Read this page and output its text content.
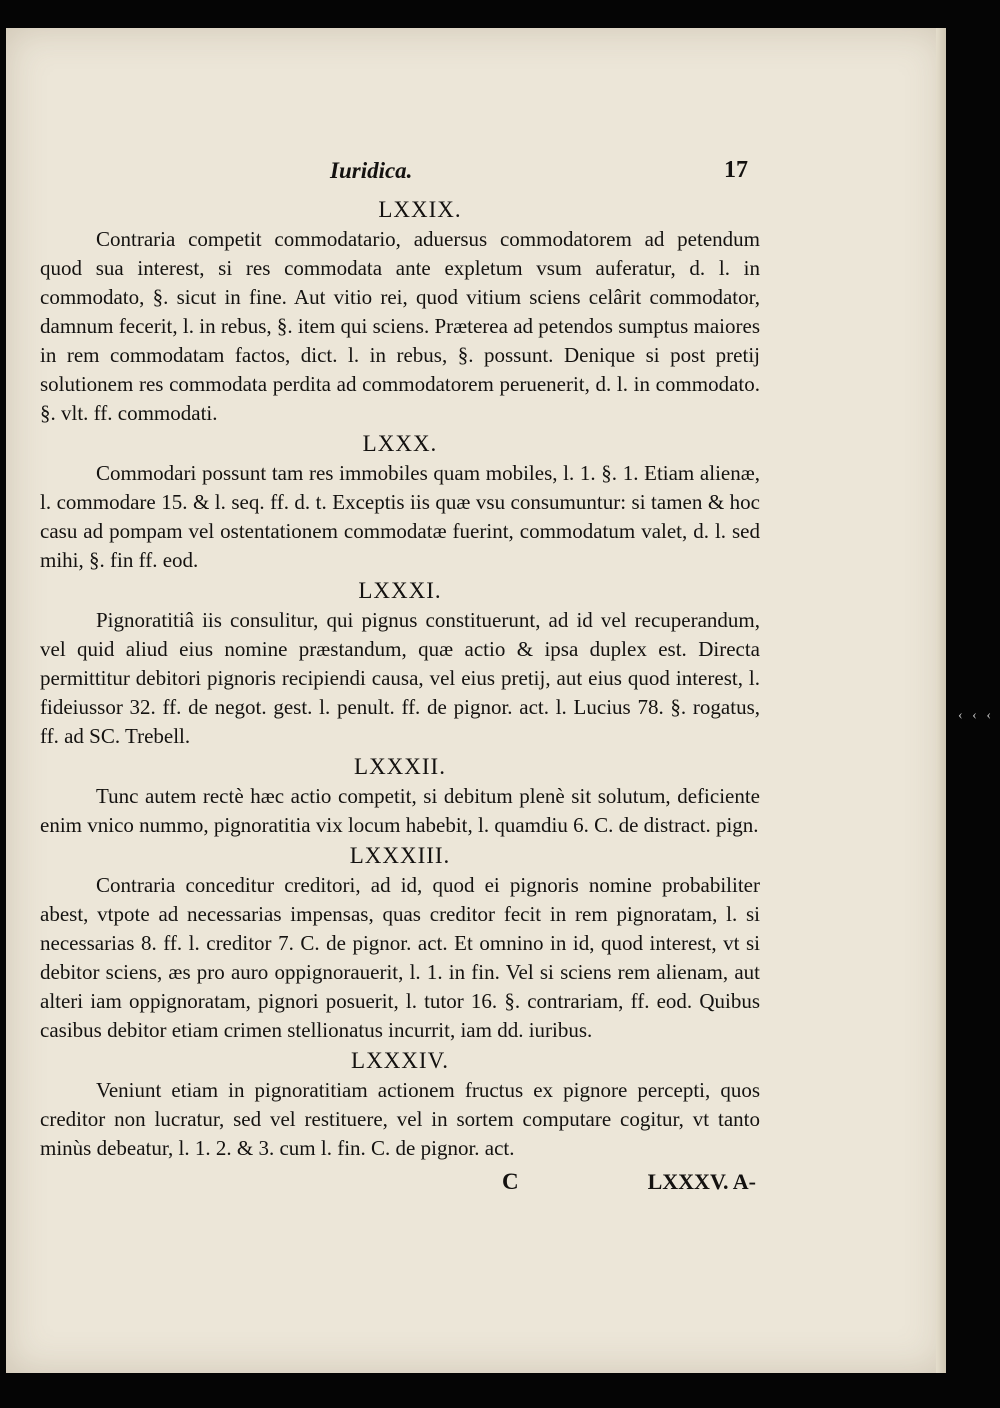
Iuridica.	17

LXXIX.

Contraria competit commodatario, aduersus commodatorem ad petendum quod sua interest, si res commodata ante expletum vsum auferatur, d. l. in commodato, §. sicut in fine. Aut vitio rei, quod vitium sciens celârit commodator, damnum fecerit, l. in rebus, §. item qui sciens. Præterea ad petendos sumptus maiores in rem commodatam factos, dict. l. in rebus, §. possunt. Denique si post pretij solutionem res commodata perdita ad commodatorem peruenerit, d. l. in commodato. §. vlt. ff. commodati.

LXXX.

Commodari possunt tam res immobiles quam mobiles, l. 1. §. 1. Etiam alienæ, l. commodare 15. & l. seq. ff. d. t. Exceptis iis quæ vsu consumuntur: si tamen & hoc casu ad pompam vel ostentationem commodatæ fuerint, commodatum valet, d. l. sed mihi, §. fin ff. eod.

LXXXI.

Pignoratitiâ iis consulitur, qui pignus constituerunt, ad id vel recuperandum, vel quid aliud eius nomine præstandum, quæ actio & ipsa duplex est. Directa permittitur debitori pignoris recipiendi causa, vel eius pretij, aut eius quod interest, l. fideiussor 32. ff. de negot. gest. l. penult. ff. de pignor. act. l. Lucius 78. §. rogatus, ff. ad SC. Trebell.

LXXXII.

Tunc autem rectè hæc actio competit, si debitum plenè sit solutum, deficiente enim vnico nummo, pignoratitia vix locum habebit, l. quamdiu 6. C. de distract. pign.

LXXXIII.

Contraria conceditur creditori, ad id, quod ei pignoris nomine probabiliter abest, vtpote ad necessarias impensas, quas creditor fecit in rem pignoratam, l. si necessarias 8. ff. l. creditor 7. C. de pignor. act. Et omnino in id, quod interest, vt si debitor sciens, æs pro auro oppignorauerit, l. 1. in fin. Vel si sciens rem alienam, aut alteri iam oppignoratam, pignori posuerit, l. tutor 16. §. contrariam, ff. eod. Quibus casibus debitor etiam crimen stellionatus incurrit, iam dd. iuribus.

LXXXIV.

Veniunt etiam in pignoratitiam actionem fructus ex pignore percepti, quos creditor non lucratur, sed vel restituere, vel in sortem computare cogitur, vt tanto minùs debeatur, l. 1. 2. & 3. cum l. fin. C. de pignor. act.

C	LXXXV. A-
‹ ‹ ‹
